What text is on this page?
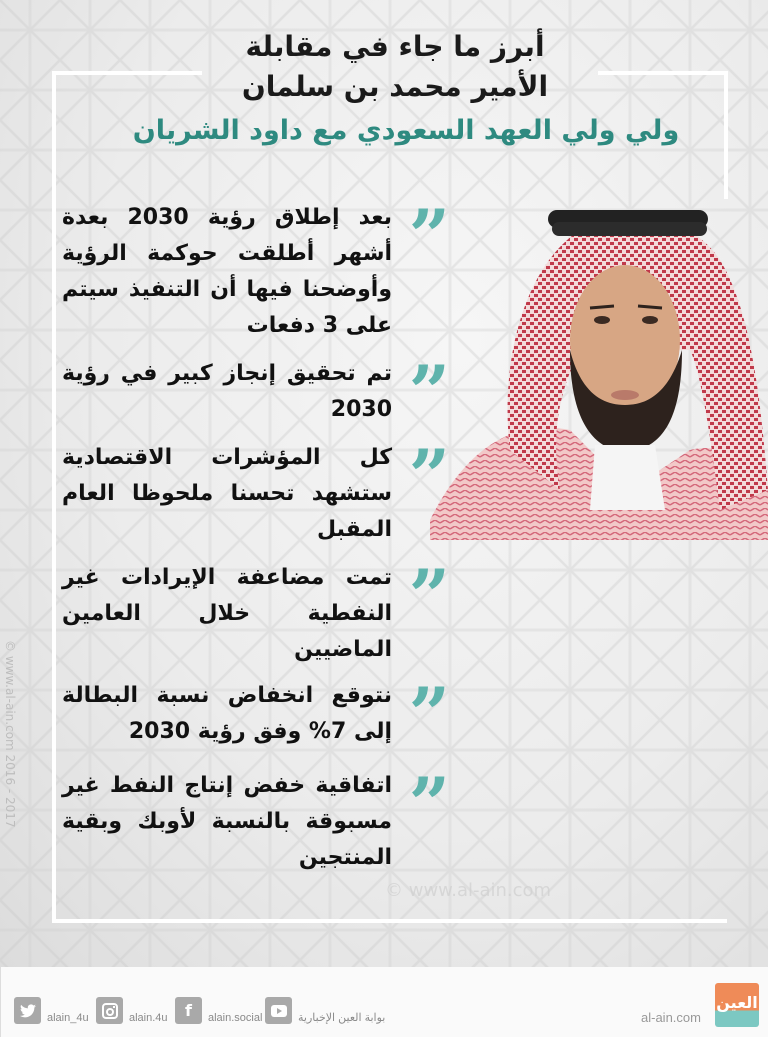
أبرز ما جاء في مقابلة
الأمير محمد بن سلمان
ولي ولي العهد السعودي مع داود الشريان
”
بعد إطلاق رؤية 2030 بعدة أشهر أطلقت حوكمة الرؤية وأوضحنا فيها أن التنفيذ سيتم على 3 دفعات
”
تم تحقيق إنجاز كبير في رؤية 2030
”
كل المؤشرات الاقتصادية ستشهد تحسنا ملحوظا العام المقبل
”
تمت مضاعفة الإيرادات غير النفطية خلال العامين الماضيين
”
نتوقع انخفاض نسبة البطالة إلى 7% وفق رؤية 2030
”
اتفاقية خفض إنتاج النفط غير مسبوقة بالنسبة لأوبك وبقية المنتجين
© www.al-ain.com 2016 - 2017
© www.al-ain.com
alain_4u	alain.4u	f	alain.social	بوابة العين الإخبارية	al-ain.com
العين
